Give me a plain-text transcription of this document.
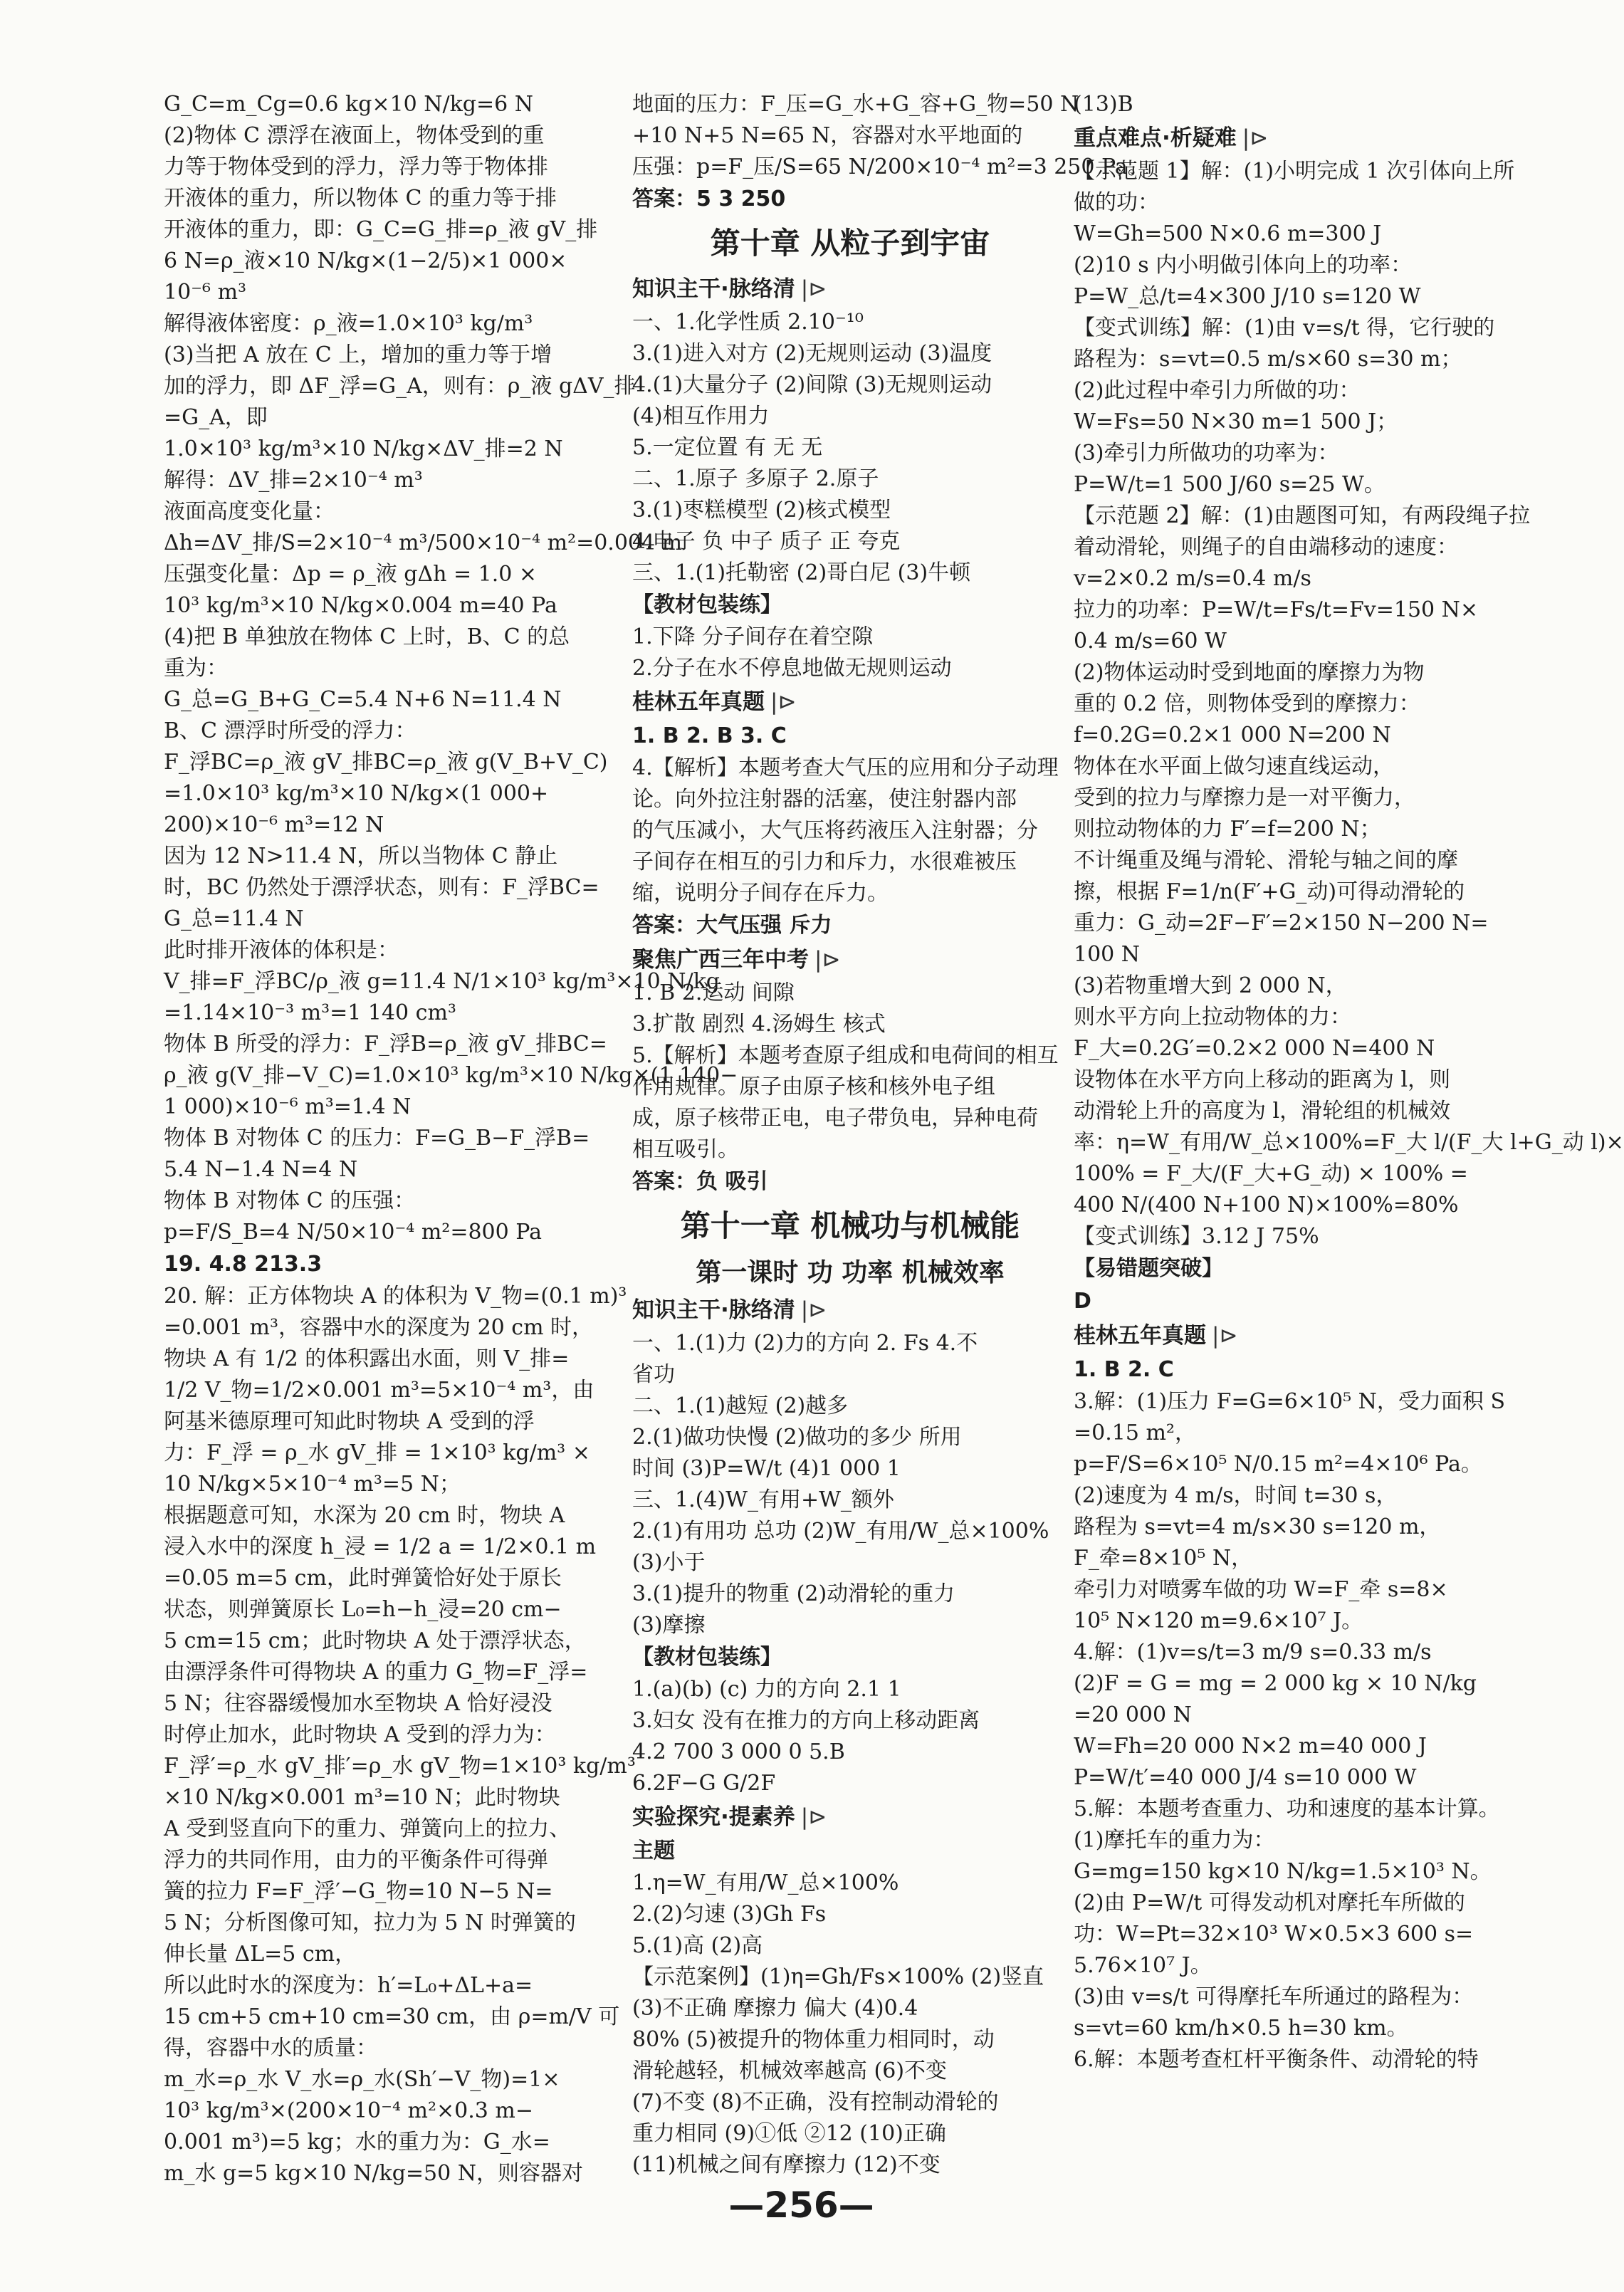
G_C=m_Cg=0.6 kg×10 N/kg=6 N
(2)物体 C 漂浮在液面上，物体受到的重
力等于物体受到的浮力，浮力等于物体排
开液体的重力，所以物体 C 的重力等于排
开液体的重力，即：G_C=G_排=ρ_液 gV_排
6 N=ρ_液×10 N/kg×(1−2/5)×1 000×
10⁻⁶ m³
解得液体密度：ρ_液=1.0×10³ kg/m³
(3)当把 A 放在 C 上，增加的重力等于增
加的浮力，即 ΔF_浮=G_A，则有：ρ_液 gΔV_排
=G_A，即
1.0×10³ kg/m³×10 N/kg×ΔV_排=2 N
解得：ΔV_排=2×10⁻⁴ m³
液面高度变化量：
Δh=ΔV_排/S=2×10⁻⁴ m³/500×10⁻⁴ m²=0.004 m
压强变化量：Δp = ρ_液 gΔh = 1.0 ×
10³ kg/m³×10 N/kg×0.004 m=40 Pa
(4)把 B 单独放在物体 C 上时，B、C 的总
重为：
G_总=G_B+G_C=5.4 N+6 N=11.4 N
B、C 漂浮时所受的浮力：
F_浮BC=ρ_液 gV_排BC=ρ_液 g(V_B+V_C)
=1.0×10³ kg/m³×10 N/kg×(1 000+
200)×10⁻⁶ m³=12 N
因为 12 N>11.4 N，所以当物体 C 静止
时，BC 仍然处于漂浮状态，则有：F_浮BC=
G_总=11.4 N
此时排开液体的体积是：
V_排=F_浮BC/ρ_液 g=11.4 N/1×10³ kg/m³×10 N/kg
=1.14×10⁻³ m³=1 140 cm³
物体 B 所受的浮力：F_浮B=ρ_液 gV_排BC=
ρ_液 g(V_排−V_C)=1.0×10³ kg/m³×10 N/kg×(1 140−
1 000)×10⁻⁶ m³=1.4 N
物体 B 对物体 C 的压力：F=G_B−F_浮B=
5.4 N−1.4 N=4 N
物体 B 对物体 C 的压强：
p=F/S_B=4 N/50×10⁻⁴ m²=800 Pa
19. 4.8 213.3
20. 解：正方体物块 A 的体积为 V_物=(0.1 m)³
=0.001 m³，容器中水的深度为 20 cm 时，
物块 A 有 1/2 的体积露出水面，则 V_排=
1/2 V_物=1/2×0.001 m³=5×10⁻⁴ m³，由
阿基米德原理可知此时物块 A 受到的浮
力：F_浮 = ρ_水 gV_排 = 1×10³ kg/m³ ×
10 N/kg×5×10⁻⁴ m³=5 N；
根据题意可知，水深为 20 cm 时，物块 A
浸入水中的深度 h_浸 = 1/2 a = 1/2×0.1 m
=0.05 m=5 cm，此时弹簧恰好处于原长
状态，则弹簧原长 L₀=h−h_浸=20 cm−
5 cm=15 cm；此时物块 A 处于漂浮状态，
由漂浮条件可得物块 A 的重力 G_物=F_浮=
5 N；往容器缓慢加水至物块 A 恰好浸没
时停止加水，此时物块 A 受到的浮力为：
F_浮′=ρ_水 gV_排′=ρ_水 gV_物=1×10³ kg/m³
×10 N/kg×0.001 m³=10 N；此时物块
A 受到竖直向下的重力、弹簧向上的拉力、
浮力的共同作用，由力的平衡条件可得弹
簧的拉力 F=F_浮′−G_物=10 N−5 N=
5 N；分析图像可知，拉力为 5 N 时弹簧的
伸长量 ΔL=5 cm，
所以此时水的深度为：h′=L₀+ΔL+a=
15 cm+5 cm+10 cm=30 cm，由 ρ=m/V 可
得，容器中水的质量：
m_水=ρ_水 V_水=ρ_水(Sh′−V_物)=1×
10³ kg/m³×(200×10⁻⁴ m²×0.3 m−
0.001 m³)=5 kg；水的重力为：G_水=
m_水 g=5 kg×10 N/kg=50 N，则容器对
地面的压力：F_压=G_水+G_容+G_物=50 N
+10 N+5 N=65 N，容器对水平地面的
压强：p=F_压/S=65 N/200×10⁻⁴ m²=3 250 Pa。
答案：5 3 250
第十章 从粒子到宇宙
知识主干·脉络清 |⊳
一、1.化学性质 2.10⁻¹⁰
3.(1)进入对方 (2)无规则运动 (3)温度
4.(1)大量分子 (2)间隙 (3)无规则运动
(4)相互作用力
5.一定位置 有 无 无
二、1.原子 多原子 2.原子
3.(1)枣糕模型 (2)核式模型
4.电子 负 中子 质子 正 夸克
三、1.(1)托勒密 (2)哥白尼 (3)牛顿
【教材包装练】
1.下降 分子间存在着空隙
2.分子在水不停息地做无规则运动
桂林五年真题 |⊳
1. B 2. B 3. C
4.【解析】本题考查大气压的应用和分子动理
论。向外拉注射器的活塞，使注射器内部
的气压减小，大气压将药液压入注射器；分
子间存在相互的引力和斥力，水很难被压
缩，说明分子间存在斥力。
答案：大气压强 斥力
聚焦广西三年中考 |⊳
1. B 2.运动 间隙
3.扩散 剧烈 4.汤姆生 核式
5.【解析】本题考查原子组成和电荷间的相互
作用规律。原子由原子核和核外电子组
成，原子核带正电，电子带负电，异种电荷
相互吸引。
答案：负 吸引
第十一章 机械功与机械能
第一课时 功 功率 机械效率
知识主干·脉络清 |⊳
一、1.(1)力 (2)力的方向 2. Fs 4.不
省功
二、1.(1)越短 (2)越多
2.(1)做功快慢 (2)做功的多少 所用
时间 (3)P=W/t (4)1 000 1
三、1.(4)W_有用+W_额外
2.(1)有用功 总功 (2)W_有用/W_总×100%
(3)小于
3.(1)提升的物重 (2)动滑轮的重力
(3)摩擦
【教材包装练】
1.(a)(b) (c) 力的方向 2.1 1
3.妇女 没有在推力的方向上移动距离
4.2 700 3 000 0 5.B
6.2F−G G/2F
实验探究·提素养 |⊳
主题
1.η=W_有用/W_总×100%
2.(2)匀速 (3)Gh Fs
5.(1)高 (2)高
【示范案例】(1)η=Gh/Fs×100% (2)竖直
(3)不正确 摩擦力 偏大 (4)0.4
80% (5)被提升的物体重力相同时，动
滑轮越轻，机械效率越高 (6)不变
(7)不变 (8)不正确，没有控制动滑轮的
重力相同 (9)①低 ②12 (10)正确
(11)机械之间有摩擦力 (12)不变
(13)B
重点难点·析疑难 |⊳
【示范题 1】解：(1)小明完成 1 次引体向上所
做的功：
W=Gh=500 N×0.6 m=300 J
(2)10 s 内小明做引体向上的功率：
P=W_总/t=4×300 J/10 s=120 W
【变式训练】解：(1)由 v=s/t 得，它行驶的
路程为：s=vt=0.5 m/s×60 s=30 m；
(2)此过程中牵引力所做的功：
W=Fs=50 N×30 m=1 500 J；
(3)牵引力所做功的功率为：
P=W/t=1 500 J/60 s=25 W。
【示范题 2】解：(1)由题图可知，有两段绳子拉
着动滑轮，则绳子的自由端移动的速度：
v=2×0.2 m/s=0.4 m/s
拉力的功率：P=W/t=Fs/t=Fv=150 N×
0.4 m/s=60 W
(2)物体运动时受到地面的摩擦力为物
重的 0.2 倍，则物体受到的摩擦力：
f=0.2G=0.2×1 000 N=200 N
物体在水平面上做匀速直线运动，
受到的拉力与摩擦力是一对平衡力，
则拉动物体的力 F′=f=200 N；
不计绳重及绳与滑轮、滑轮与轴之间的摩
擦，根据 F=1/n(F′+G_动)可得动滑轮的
重力：G_动=2F−F′=2×150 N−200 N=
100 N
(3)若物重增大到 2 000 N，
则水平方向上拉动物体的力：
F_大=0.2G′=0.2×2 000 N=400 N
设物体在水平方向上移动的距离为 l，则
动滑轮上升的高度为 l，滑轮组的机械效
率：η=W_有用/W_总×100%=F_大 l/(F_大 l+G_动 l)×
100% = F_大/(F_大+G_动) × 100% =
400 N/(400 N+100 N)×100%=80%
【变式训练】3.12 J 75%
【易错题突破】
D
桂林五年真题 |⊳
1. B 2. C
3.解：(1)压力 F=G=6×10⁵ N，受力面积 S
=0.15 m²，
p=F/S=6×10⁵ N/0.15 m²=4×10⁶ Pa。
(2)速度为 4 m/s，时间 t=30 s，
路程为 s=vt=4 m/s×30 s=120 m，
F_牵=8×10⁵ N，
牵引力对喷雾车做的功 W=F_牵 s=8×
10⁵ N×120 m=9.6×10⁷ J。
4.解：(1)v=s/t=3 m/9 s=0.33 m/s
(2)F = G = mg = 2 000 kg × 10 N/kg
=20 000 N
W=Fh=20 000 N×2 m=40 000 J
P=W/t′=40 000 J/4 s=10 000 W
5.解：本题考查重力、功和速度的基本计算。
(1)摩托车的重力为：
G=mg=150 kg×10 N/kg=1.5×10³ N。
(2)由 P=W/t 可得发动机对摩托车所做的
功：W=Pt=32×10³ W×0.5×3 600 s=
5.76×10⁷ J。
(3)由 v=s/t 可得摩托车所通过的路程为：
s=vt=60 km/h×0.5 h=30 km。
6.解：本题考查杠杆平衡条件、动滑轮的特
—256—
